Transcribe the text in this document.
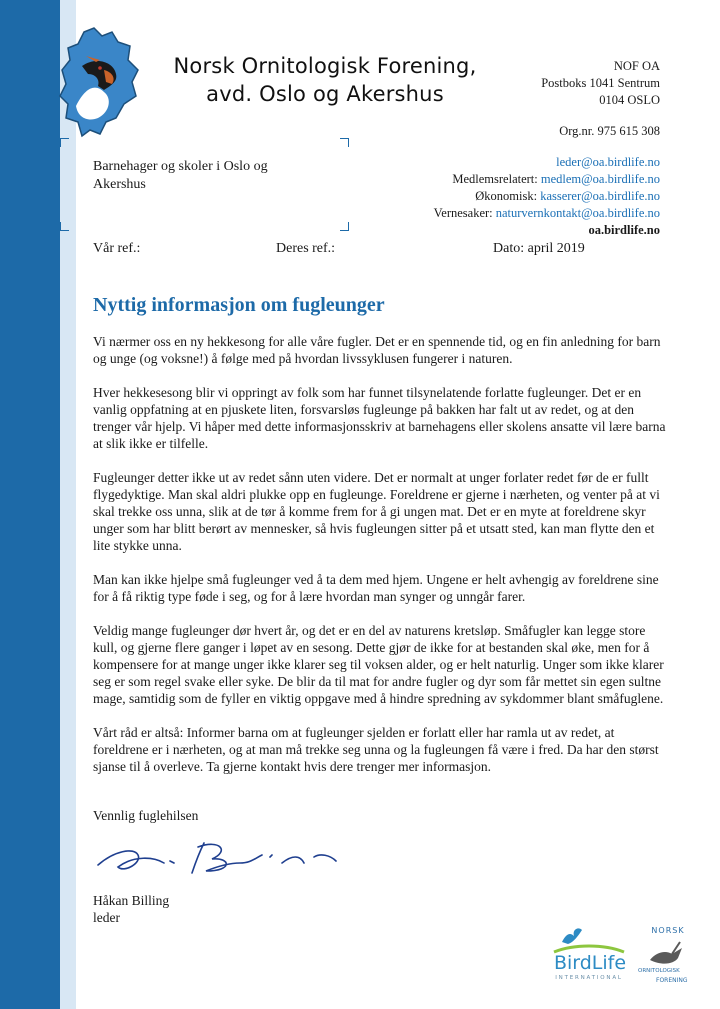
Norsk Ornitologisk Forening,
avd. Oslo og Akershus
NOF OA
Postboks 1041 Sentrum
0104 OSLO
Org.nr. 975 615 308
leder@oa.birdlife.no
Medlemsrelatert: medlem@oa.birdlife.no
Økonomisk: kasserer@oa.birdlife.no
Vernesaker: naturvernkontakt@oa.birdlife.no
oa.birdlife.no
Barnehager og skoler i Oslo og Akershus
Vår ref.:	Deres ref.:	Dato: april 2019
Nyttig informasjon om fugleunger

Vi nærmer oss en ny hekkesong for alle våre fugler. Det er en spennende tid, og en fin anledning for barn og unge (og voksne!) å følge med på hvordan livssyklusen fungerer i naturen.

Hver hekkesesong blir vi oppringt av folk som har funnet tilsynelatende forlatte fugleunger. Det er en vanlig oppfatning at en pjuskete liten, forsvarsløs fugleunge på bakken har falt ut av redet, og at den trenger vår hjelp. Vi håper med dette informasjonsskriv at barnehagens eller skolens ansatte vil lære barna at slik ikke er tilfelle.

Fugleunger detter ikke ut av redet sånn uten videre. Det er normalt at unger forlater redet før de er fullt flygedyktige. Man skal aldri plukke opp en fugleunge. Foreldrene er gjerne i nærheten, og venter på at vi skal trekke oss unna, slik at de tør å komme frem for å gi ungen mat. Det er en myte at foreldrene skyr unger som har blitt berørt av mennesker, så hvis fugleungen sitter på et utsatt sted, kan man flytte den et lite stykke unna.

Man kan ikke hjelpe små fugleunger ved å ta dem med hjem. Ungene er helt avhengig av foreldrene sine for å få riktig type føde i seg, og for å lære hvordan man synger og unngår farer.

Veldig mange fugleunger dør hvert år, og det er en del av naturens kretsløp. Småfugler kan legge store kull, og gjerne flere ganger i løpet av en sesong. Dette gjør de ikke for at bestanden skal øke, men for å kompensere for at mange unger ikke klarer seg til voksen alder, og er helt naturlig. Unger som ikke klarer seg er som regel svake eller syke. De blir da til mat for andre fugler og dyr som får mettet sin egen sultne mage, samtidig som de fyller en viktig oppgave med å hindre spredning av sykdommer blant småfuglene.

Vårt råd er altså: Informer barna om at fugleunger sjelden er forlatt eller har ramla ut av redet, at foreldrene er i nærheten, og at man må trekke seg unna og la fugleungen få være i fred. Da har den størst sjanse til å overleve. Ta gjerne kontakt hvis dere trenger mer informasjon.

Vennlig fuglehilsen
Håkan Billing
leder
BirdLife
INTERNATIONAL
NORSK
ORNITOLOGISK
FORENING
